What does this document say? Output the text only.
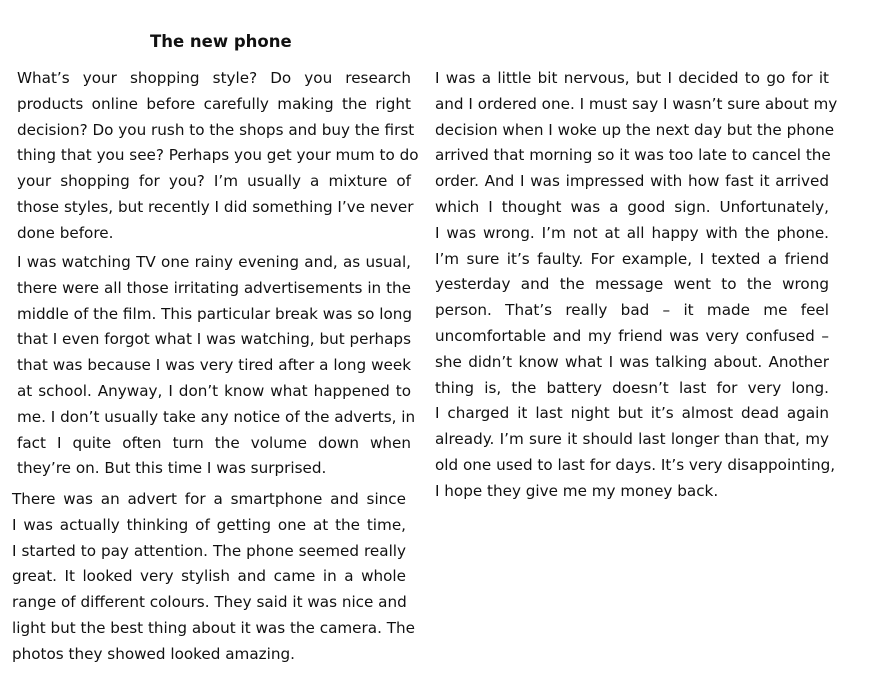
The new phone
What’s your shopping style? Do you research
products online before carefully making the right
decision? Do you rush to the shops and buy the first
thing that you see? Perhaps you get your mum to do
your shopping for you? I’m usually a mixture of
those styles, but recently I did something I’ve never
done before.
I was watching TV one rainy evening and, as usual,
there were all those irritating advertisements in the
middle of the film. This particular break was so long
that I even forgot what I was watching, but perhaps
that was because I was very tired after a long week
at school. Anyway, I don’t know what happened to
me. I don’t usually take any notice of the adverts, in
fact I quite often turn the volume down when
they’re on. But this time I was surprised.
There was an advert for a smartphone and since
I was actually thinking of getting one at the time,
I started to pay attention. The phone seemed really
great. It looked very stylish and came in a whole
range of different colours. They said it was nice and
light but the best thing about it was the camera. The
photos they showed looked amazing.
I was a little bit nervous, but I decided to go for it
and I ordered one. I must say I wasn’t sure about my
decision when I woke up the next day but the phone
arrived that morning so it was too late to cancel the
order. And I was impressed with how fast it arrived
which I thought was a good sign. Unfortunately,
I was wrong. I’m not at all happy with the phone.
I’m sure it’s faulty. For example, I texted a friend
yesterday and the message went to the wrong
person. That’s really bad – it made me feel
uncomfortable and my friend was very confused –
she didn’t know what I was talking about. Another
thing is, the battery doesn’t last for very long.
I charged it last night but it’s almost dead again
already. I’m sure it should last longer than that, my
old one used to last for days. It’s very disappointing,
I hope they give me my money back.
